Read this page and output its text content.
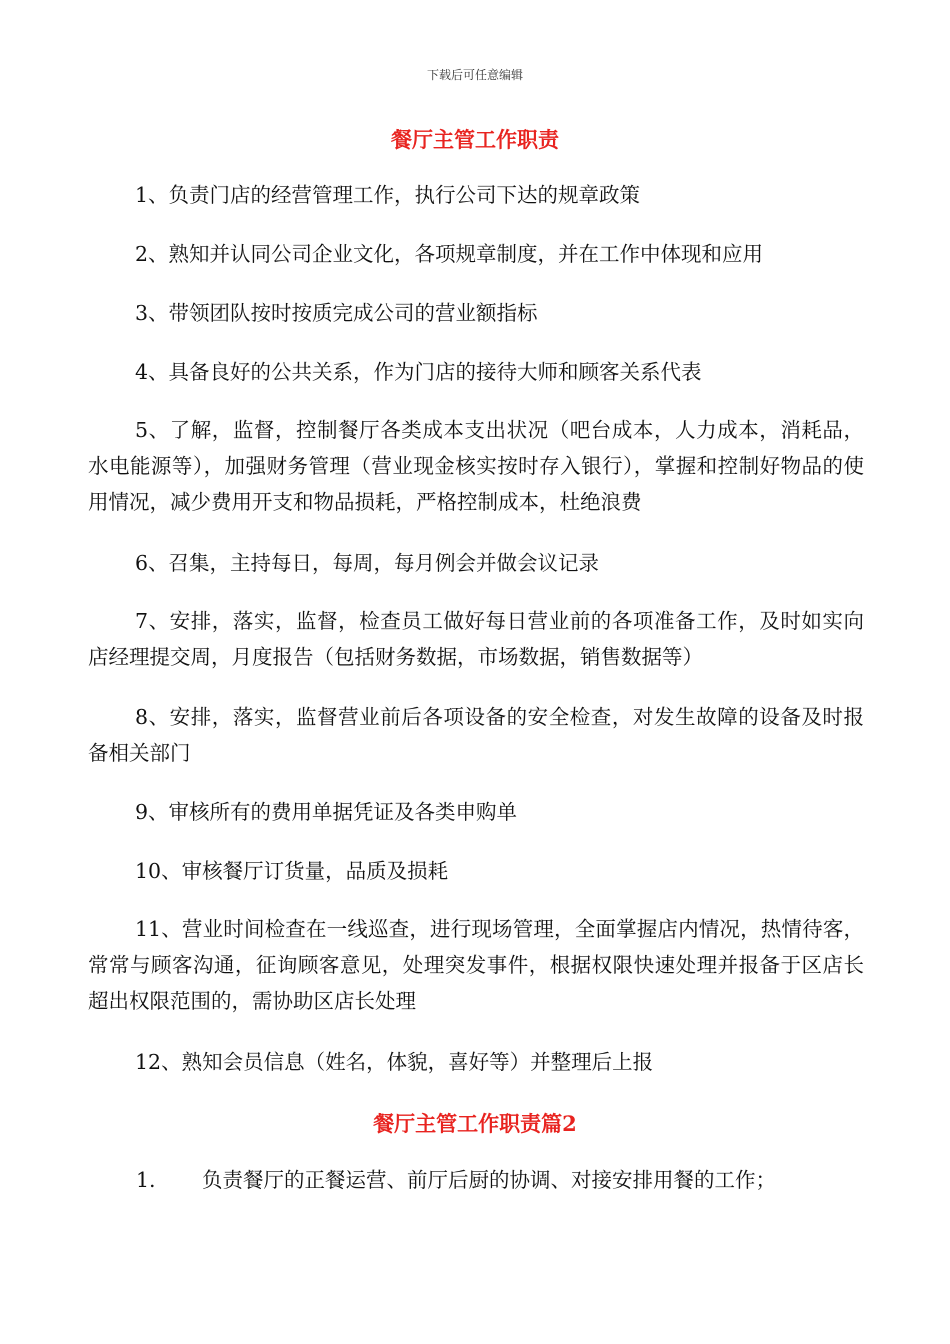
下载后可任意编辑
餐厅主管工作职责
1、负责门店的经营管理工作，执行公司下达的规章政策
2、熟知并认同公司企业文化，各项规章制度，并在工作中体现和应用
3、带领团队按时按质完成公司的营业额指标
4、具备良好的公共关系，作为门店的接待大师和顾客关系代表
5、了解，监督，控制餐厅各类成本支出状况（吧台成本，人力成本，消耗品，水电能源等），加强财务管理（营业现金核实按时存入银行），掌握和控制好物品的使用情况，减少费用开支和物品损耗，严格控制成本，杜绝浪费
6、召集，主持每日，每周，每月例会并做会议记录
7、安排，落实，监督，检查员工做好每日营业前的各项准备工作，及时如实向店经理提交周，月度报告（包括财务数据，市场数据，销售数据等）
8、安排，落实，监督营业前后各项设备的安全检查，对发生故障的设备及时报备相关部门
9、审核所有的费用单据凭证及各类申购单
10、审核餐厅订货量，品质及损耗
11、营业时间检查在一线巡查，进行现场管理，全面掌握店内情况，热情待客，常常与顾客沟通，征询顾客意见，处理突发事件，根据权限快速处理并报备于区店长超出权限范围的，需协助区店长处理
12、熟知会员信息（姓名，体貌，喜好等）并整理后上报
餐厅主管工作职责篇2
1. 负责餐厅的正餐运营、前厅后厨的协调、对接安排用餐的工作；
